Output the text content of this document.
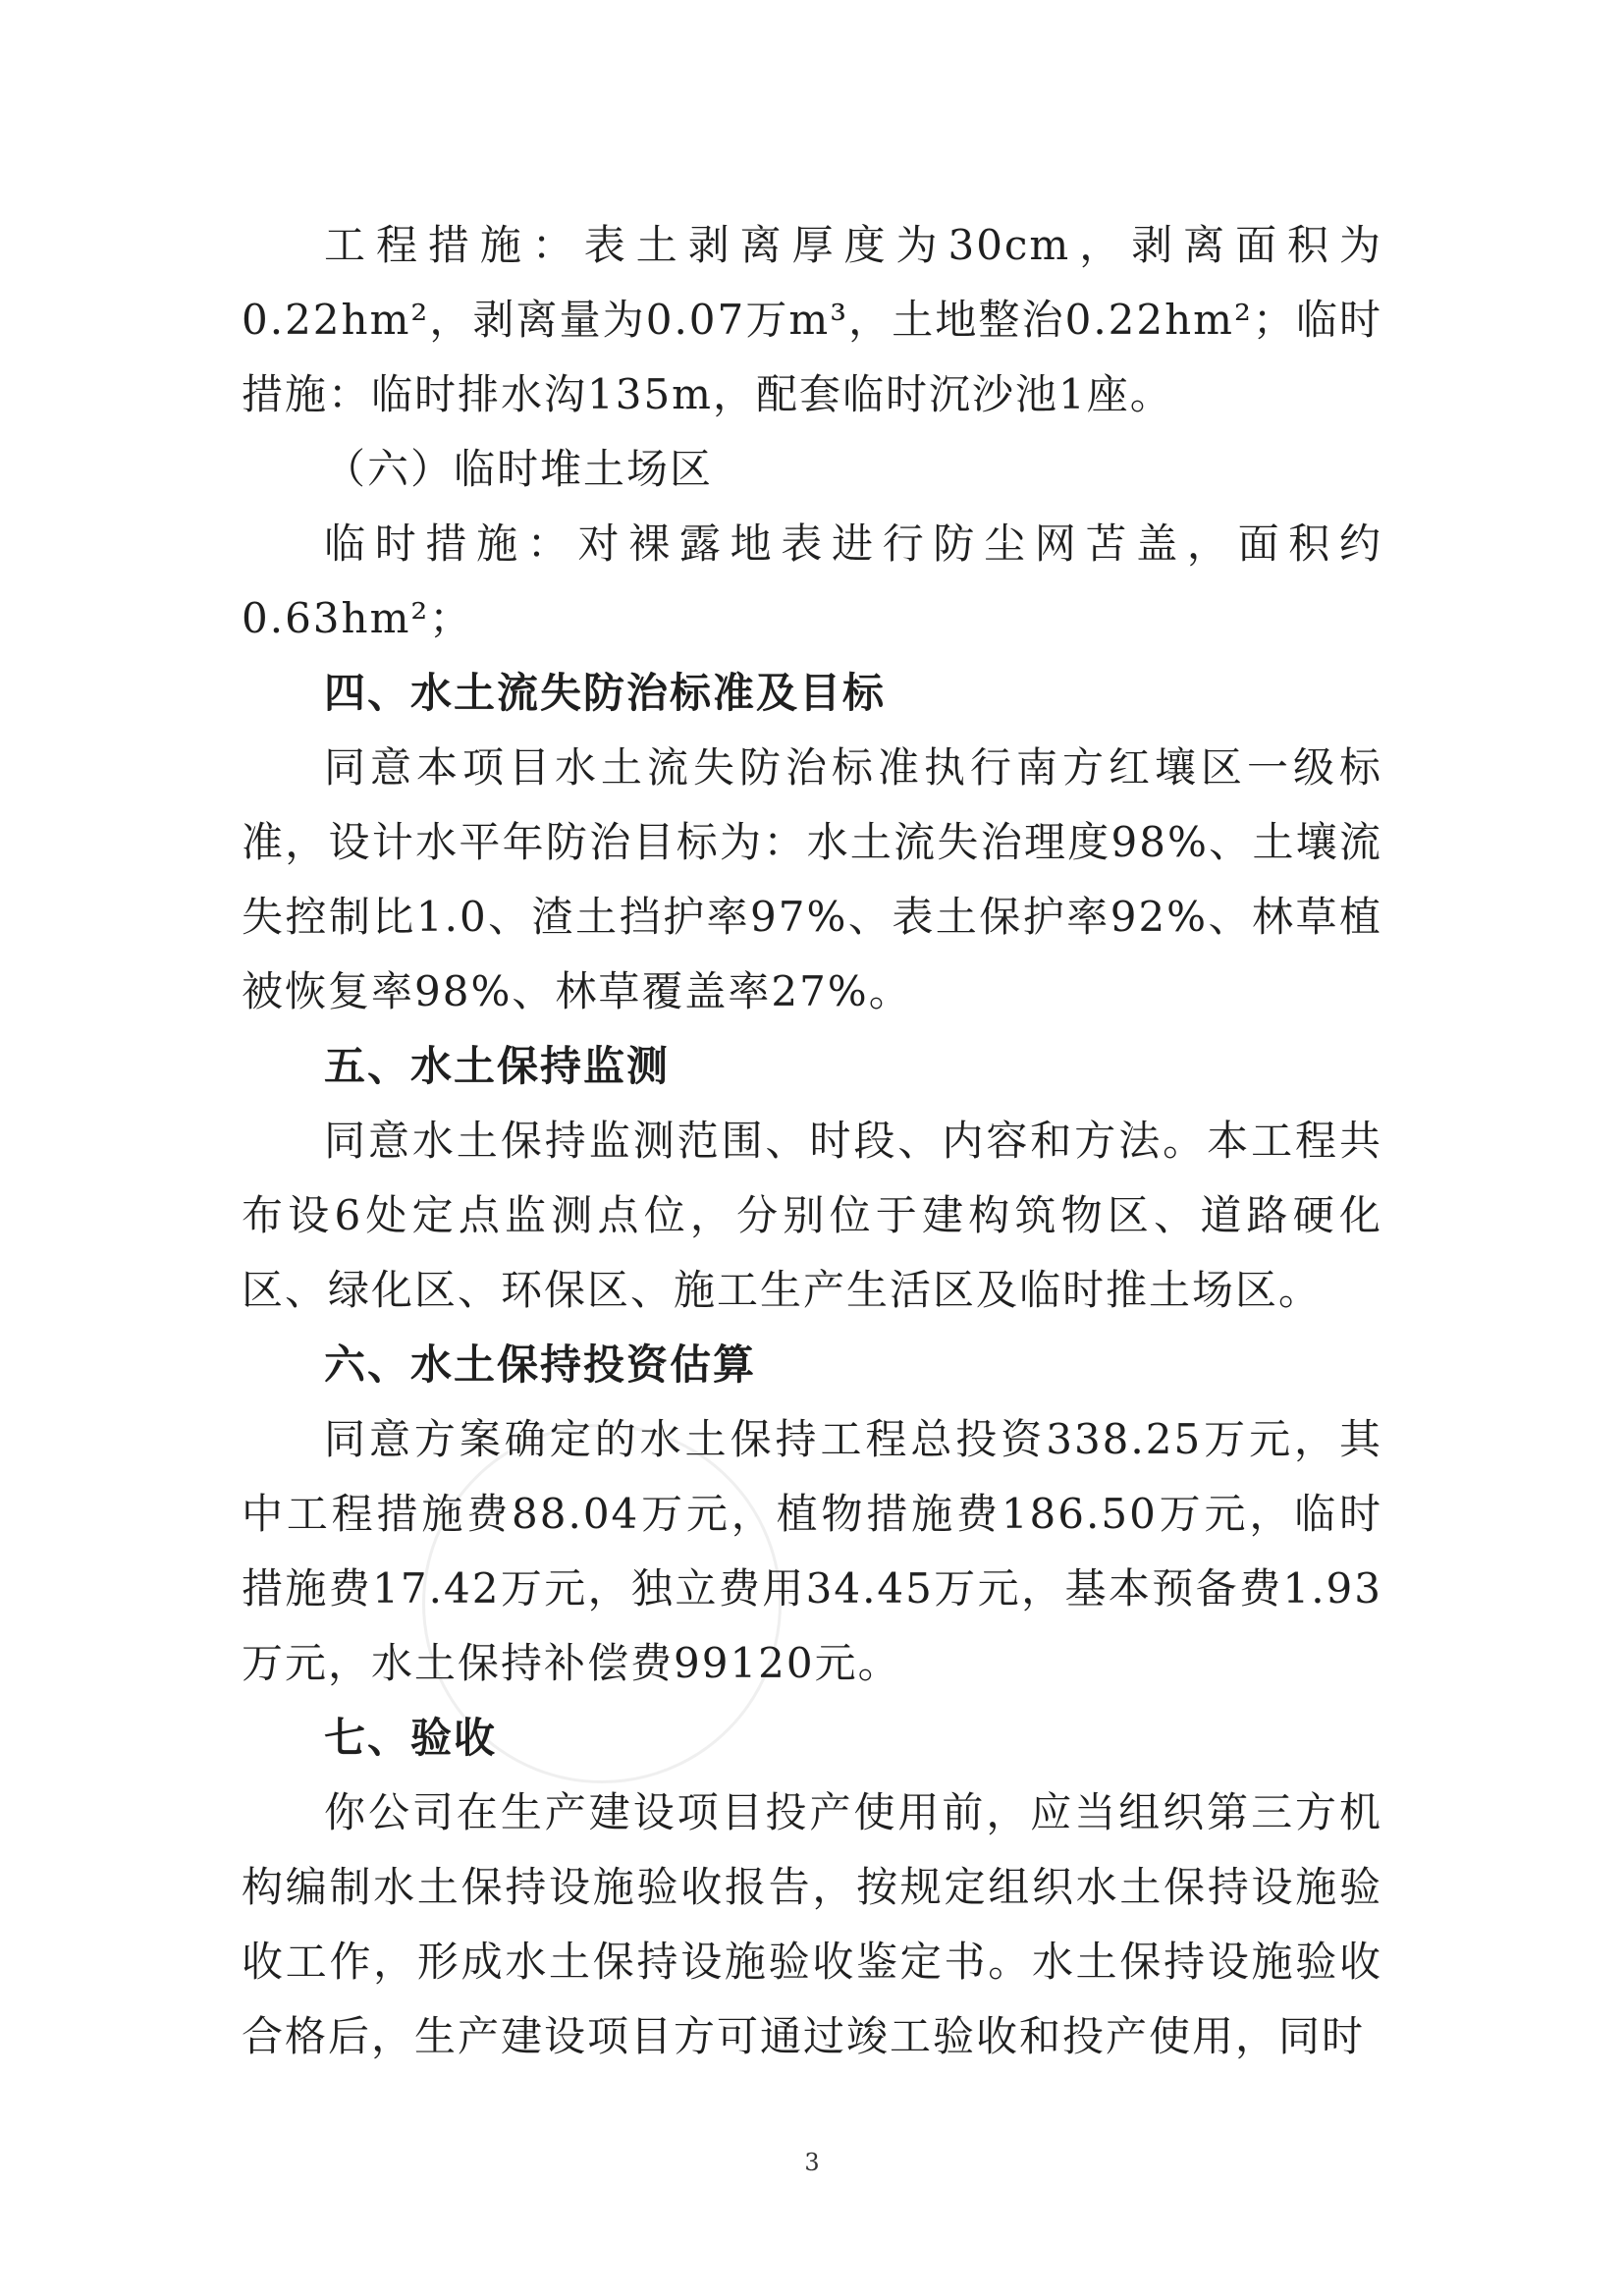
工程措施：表土剥离厚度为30cm，剥离面积为0.22hm²，剥离量为0.07万m³，土地整治0.22hm²；临时措施：临时排水沟135m，配套临时沉沙池1座。

（六）临时堆土场区

临时措施：对裸露地表进行防尘网苫盖，面积约0.63hm²；

四、水土流失防治标准及目标

同意本项目水土流失防治标准执行南方红壤区一级标准，设计水平年防治目标为：水土流失治理度98%、土壤流失控制比1.0、渣土挡护率97%、表土保护率92%、林草植被恢复率98%、林草覆盖率27%。

五、水土保持监测

同意水土保持监测范围、时段、内容和方法。本工程共布设6处定点监测点位，分别位于建构筑物区、道路硬化区、绿化区、环保区、施工生产生活区及临时推土场区。

六、水土保持投资估算

同意方案确定的水土保持工程总投资338.25万元，其中工程措施费88.04万元，植物措施费186.50万元，临时措施费17.42万元，独立费用34.45万元，基本预备费1.93万元，水土保持补偿费99120元。

七、验收

你公司在生产建设项目投产使用前，应当组织第三方机构编制水土保持设施验收报告，按规定组织水土保持设施验收工作，形成水土保持设施验收鉴定书。水土保持设施验收合格后，生产建设项目方可通过竣工验收和投产使用，同时

3
